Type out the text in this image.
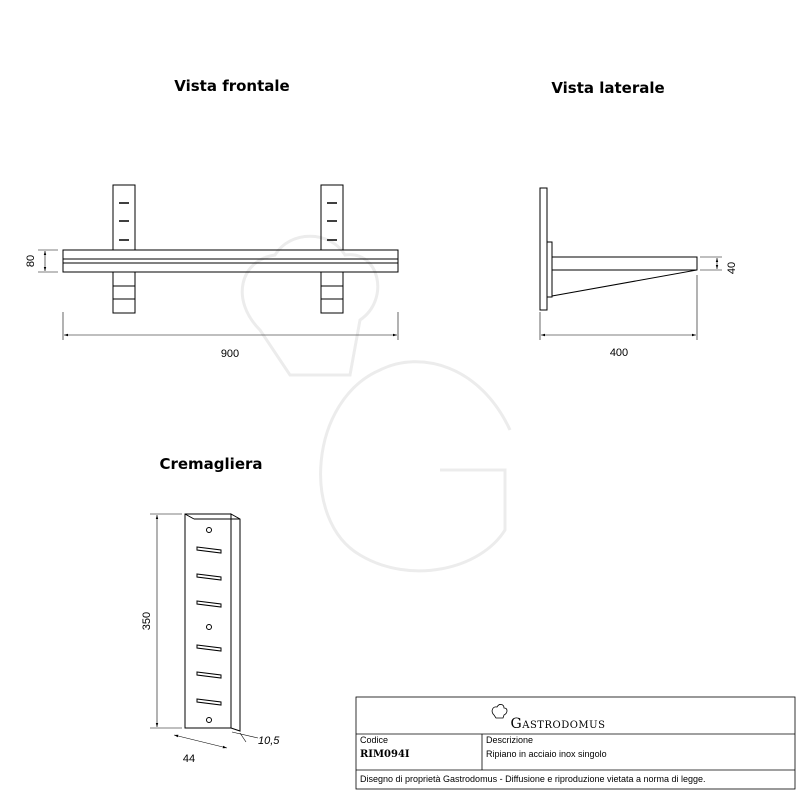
Vista frontale
900
80
Vista laterale
400
40
Cremagliera
350
44
10,5
Gastrodomus
Codice
RIM094I
Descrizione
Ripiano in acciaio inox singolo
Disegno di proprietà Gastrodomus - Diffusione e riproduzione vietata a norma di legge.
